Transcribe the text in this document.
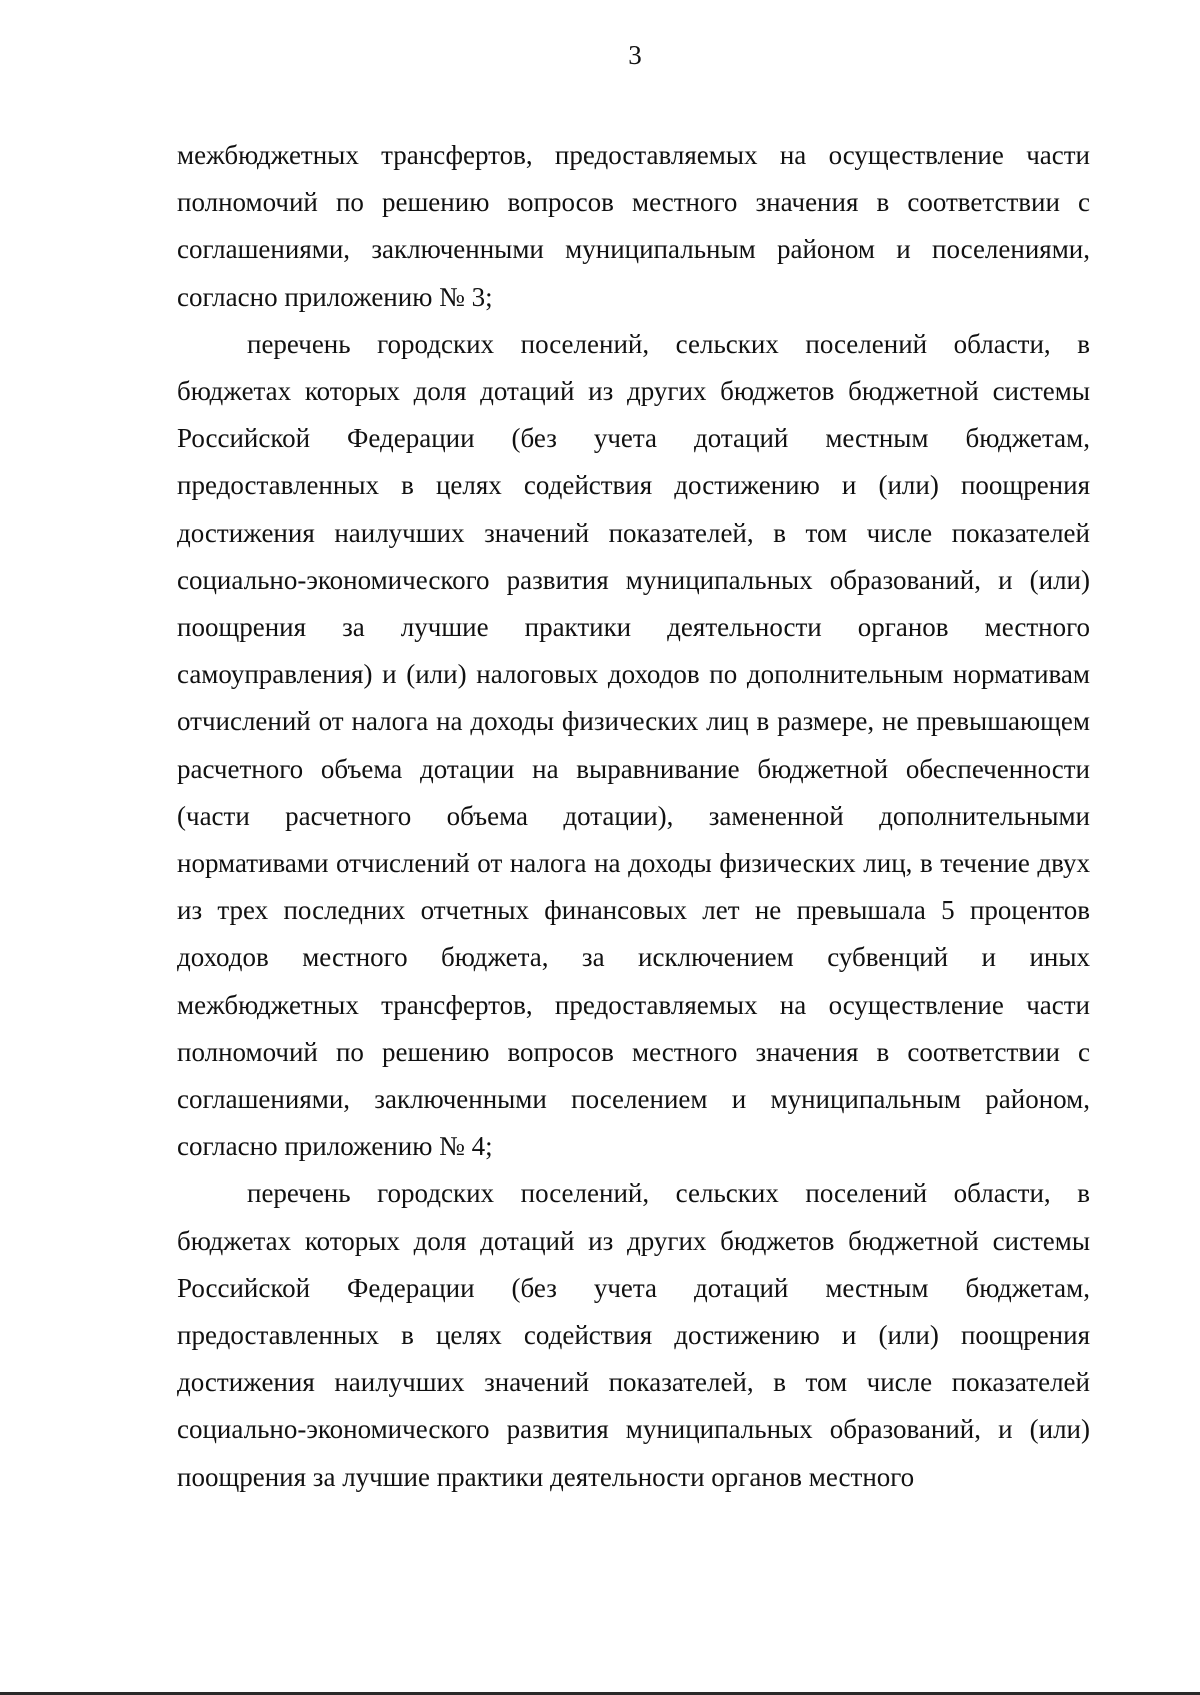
3

межбюджетных трансфертов, предоставляемых на осуществление части полномочий по решению вопросов местного значения в соответствии с соглашениями, заключенными муниципальным районом и поселениями, согласно приложению № 3;

перечень городских поселений, сельских поселений области, в бюджетах которых доля дотаций из других бюджетов бюджетной системы Российской Федерации (без учета дотаций местным бюджетам, предоставленных в целях содействия достижению и (или) поощрения достижения наилучших значений показателей, в том числе показателей социально-экономического развития муниципальных образований, и (или) поощрения за лучшие практики деятельности органов местного самоуправления) и (или) налоговых доходов по дополнительным нормативам отчислений от налога на доходы физических лиц в размере, не превышающем расчетного объема дотации на выравнивание бюджетной обеспеченности (части расчетного объема дотации), замененной дополнительными нормативами отчислений от налога на доходы физических лиц, в течение двух из трех последних отчетных финансовых лет не превышала 5 процентов доходов местного бюджета, за исключением субвенций и иных межбюджетных трансфертов, предоставляемых на осуществление части полномочий по решению вопросов местного значения в соответствии с соглашениями, заключенными поселением и муниципальным районом, согласно приложению № 4;

перечень городских поселений, сельских поселений области, в бюджетах которых доля дотаций из других бюджетов бюджетной системы Российской Федерации (без учета дотаций местным бюджетам, предоставленных в целях содействия достижению и (или) поощрения достижения наилучших значений показателей, в том числе показателей социально-экономического развития муниципальных образований, и (или) поощрения за лучшие практики деятельности органов местного
